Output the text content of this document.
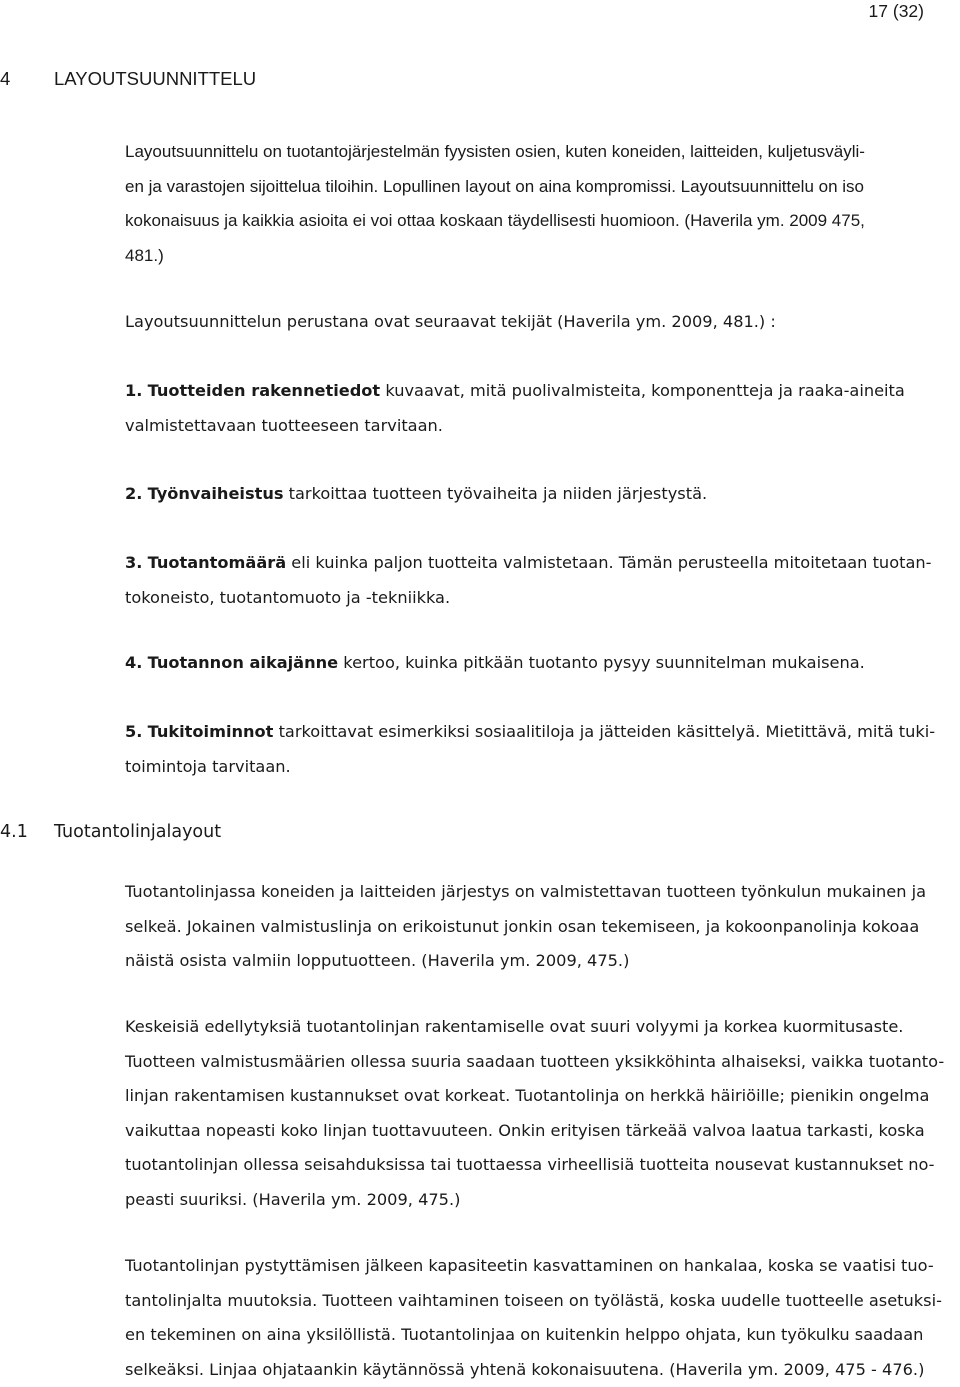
17 (32)
4 LAYOUTSUUNNITTELU

Layoutsuunnittelu on tuotantojärjestelmän fyysisten osien, kuten koneiden, laitteiden, kuljetusväyli-
en ja varastojen sijoittelua tiloihin. Lopullinen layout on aina kompromissi. Layoutsuunnittelu on iso
kokonaisuus ja kaikkia asioita ei voi ottaa koskaan täydellisesti huomioon. (Haverila ym. 2009 475,
481.)

Layoutsuunnittelun perustana ovat seuraavat tekijät (Haverila ym. 2009, 481.) :

1. Tuotteiden rakennetiedot kuvaavat, mitä puolivalmisteita, komponentteja ja raaka-aineita
valmistettavaan tuotteeseen tarvitaan.

2. Työnvaiheistus tarkoittaa tuotteen työvaiheita ja niiden järjestystä.

3. Tuotantomäärä eli kuinka paljon tuotteita valmistetaan. Tämän perusteella mitoitetaan tuotan-
tokoneisto, tuotantomuoto ja -tekniikka.

4. Tuotannon aikajänne kertoo, kuinka pitkään tuotanto pysyy suunnitelman mukaisena.

5. Tukitoiminnot tarkoittavat esimerkiksi sosiaalitiloja ja jätteiden käsittelyä. Mietittävä, mitä tuki-
toimintoja tarvitaan.

4.1 Tuotantolinjalayout

Tuotantolinjassa koneiden ja laitteiden järjestys on valmistettavan tuotteen työnkulun mukainen ja
selkeä. Jokainen valmistuslinja on erikoistunut jonkin osan tekemiseen, ja kokoonpanolinja kokoaa
näistä osista valmiin lopputuotteen. (Haverila ym. 2009, 475.)

Keskeisiä edellytyksiä tuotantolinjan rakentamiselle ovat suuri volyymi ja korkea kuormitusaste.
Tuotteen valmistusmäärien ollessa suuria saadaan tuotteen yksikköhinta alhaiseksi, vaikka tuotanto-
linjan rakentamisen kustannukset ovat korkeat. Tuotantolinja on herkkä häiriöille; pienikin ongelma
vaikuttaa nopeasti koko linjan tuottavuuteen. Onkin erityisen tärkeää valvoa laatua tarkasti, koska
tuotantolinjan ollessa seisahduksissa tai tuottaessa virheellisiä tuotteita nousevat kustannukset no-
peasti suuriksi. (Haverila ym. 2009, 475.)

Tuotantolinjan pystyttämisen jälkeen kapasiteetin kasvattaminen on hankalaa, koska se vaatisi tuo-
tantolinjalta muutoksia. Tuotteen vaihtaminen toiseen on työlästä, koska uudelle tuotteelle asetuksi-
en tekeminen on aina yksilöllistä. Tuotantolinjaa on kuitenkin helppo ohjata, kun työkulku saadaan
selkeäksi. Linjaa ohjataankin käytännössä yhtenä kokonaisuutena. (Haverila ym. 2009, 475 - 476.)
